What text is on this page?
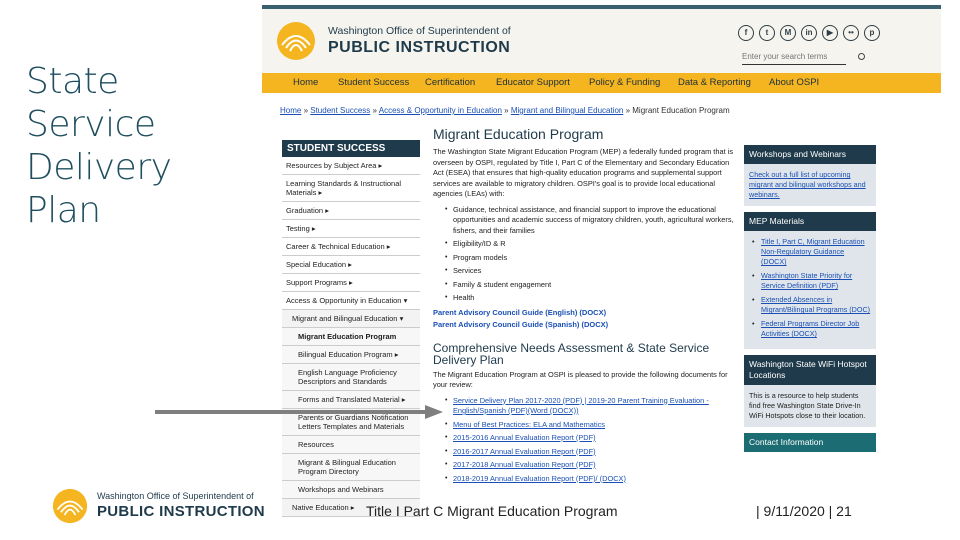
State Service Delivery Plan
Washington Office of Superintendent of
PUBLIC INSTRUCTION
f	t	M	in	▶	••	p
Enter your search terms
Home Student Success Certification Educator Support Policy & Funding Data & Reporting About OSPI
Home » Student Success » Access & Opportunity in Education » Migrant and Bilingual Education » Migrant Education Program
STUDENT SUCCESS
Resources by Subject Area ▸
Learning Standards & Instructional Materials ▸
Graduation ▸
Testing ▸
Career & Technical Education ▸
Special Education ▸
Support Programs ▸
Access & Opportunity in Education ▾
Migrant and Bilingual Education ▾
Migrant Education Program
Bilingual Education Program ▸
English Language Proficiency Descriptors and Standards
Forms and Translated Material ▸
Parents or Guardians Notification Letters Templates and Materials
Resources
Migrant & Bilingual Education Program Directory
Workshops and Webinars
Native Education ▸
Migrant Education Program
The Washington State Migrant Education Program (MEP) a federally funded program that is overseen by OSPI, regulated by Title I, Part C of the Elementary and Secondary Education Act (ESEA) that ensures that high-quality education programs and supplemental support services are available to migratory children. OSPI's goal is to provide local educational agencies (LEAs) with:
• Guidance, technical assistance, and financial support to improve the educational opportunities and academic success of migratory children, youth, agricultural workers, fishers, and their families
• Eligibility/ID & R
• Program models
• Services
• Family & student engagement
• Health
Parent Advisory Council Guide (English) (DOCX)
Parent Advisory Council Guide (Spanish) (DOCX)
Comprehensive Needs Assessment & State Service Delivery Plan
The Migrant Education Program at OSPI is pleased to provide the following documents for your review:
• Service Delivery Plan 2017-2020 (PDF) | 2019-20 Parent Training Evaluation - English/Spanish (PDF)(Word (DOCX))
• Menu of Best Practices: ELA and Mathematics
• 2015-2016 Annual Evaluation Report (PDF)
• 2016-2017 Annual Evaluation Report (PDF)
• 2017-2018 Annual Evaluation Report (PDF)
• 2018-2019 Annual Evaluation Report (PDF)/ (DOCX)
Workshops and Webinars
Check out a full list of upcoming migrant and bilingual workshops and webinars.
MEP Materials
• Title I, Part C, Migrant Education Non-Regulatory Guidance (DOCX)
• Washington State Priority for Service Definition (PDF)
• Extended Absences in Migrant/Bilingual Programs (DOC)
• Federal Programs Director Job Activities (DOCX)
Washington State WiFi Hotspot Locations
This is a resource to help students find free Washington State Drive-In WiFi Hotspots close to their location.
Contact Information
Washington Office of Superintendent of
PUBLIC INSTRUCTION	Title I Part C Migrant Education Program	| 9/11/2020 | 21
